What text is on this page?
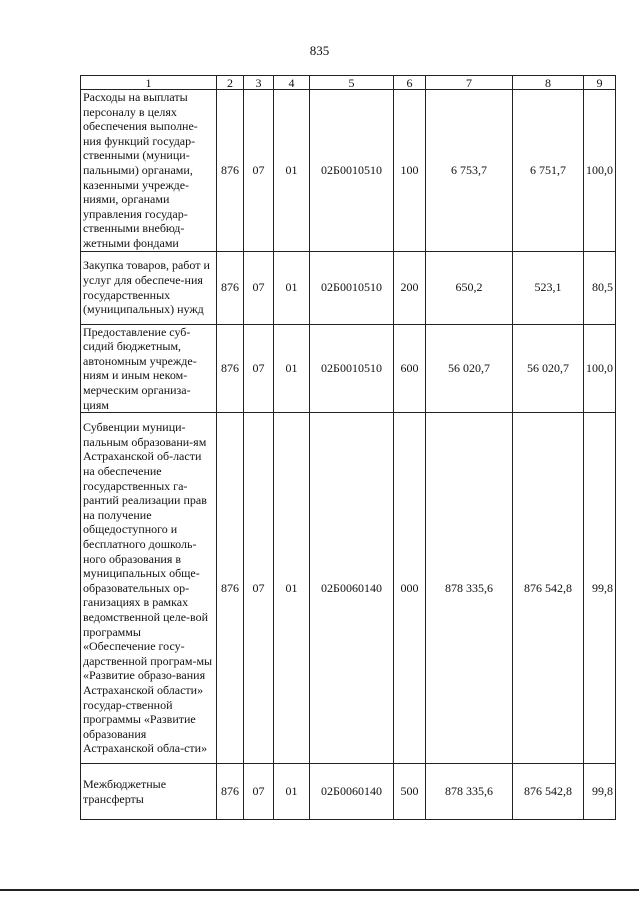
835
1	2	3	4	5	6	7	8	9
Расходы на выплаты персоналу в целях обеспечения выполне-ния функций государ-ственными (муници-пальными) органами, казенными учрежде-ниями, органами управления государ-ственными внебюд-жетными фондами	876	07	01	02Б0010510	100	6 753,7	6 751,7	100,0
Закупка товаров, работ и услуг для обеспече-ния государственных (муниципальных) нужд	876	07	01	02Б0010510	200	650,2	523,1	80,5
Предоставление суб-сидий бюджетным, автономным учрежде-ниям и иным неком-мерческим организа-циям	876	07	01	02Б0010510	600	56 020,7	56 020,7	100,0
Субвенции муници-пальным образовани-ям Астраханской об-ласти на обеспечение государственных га-рантий реализации прав на получение общедоступного и бесплатного дошколь-ного образования в муниципальных обще-образовательных ор-ганизациях в рамках ведомственной целе-вой программы «Обеспечение госу-дарственной програм-мы «Развитие образо-вания Астраханской области» государ-ственной программы «Развитие образования Астраханской обла-сти»	876	07	01	02Б0060140	000	878 335,6	876 542,8	99,8
Межбюджетные трансферты	876	07	01	02Б0060140	500	878 335,6	876 542,8	99,8
